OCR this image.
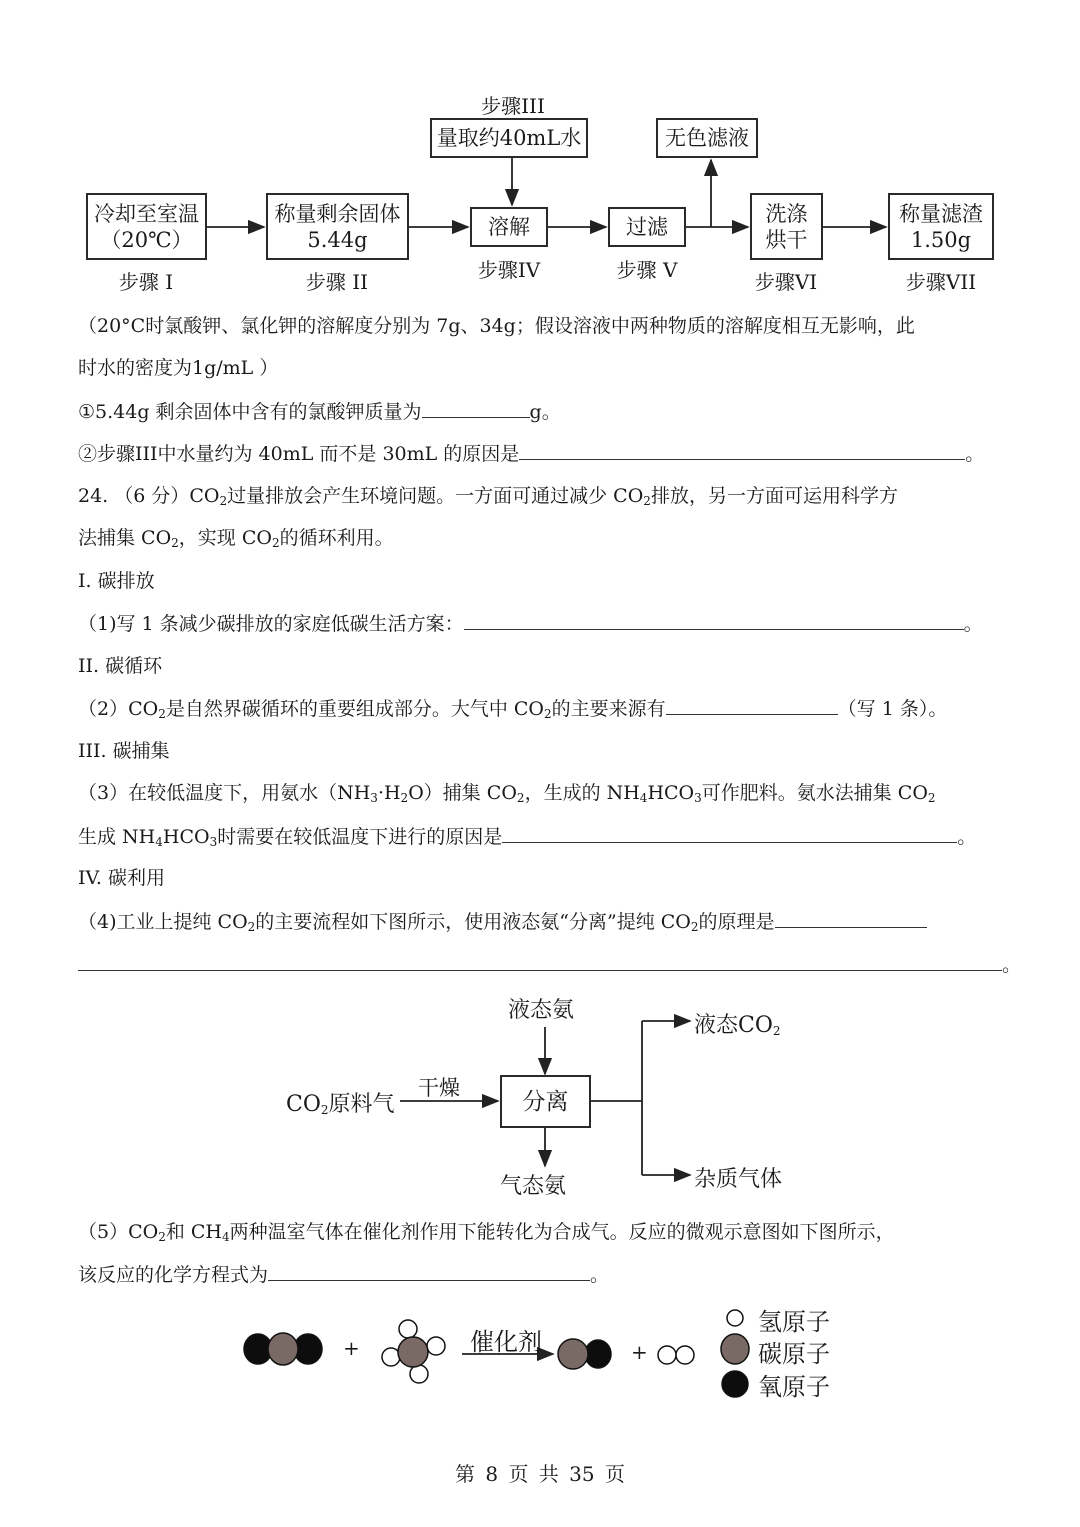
步骤III
量取约40mL水	无色滤液
冷却至室温
（20℃）
步骤 I
称量剩余固体
5.44g
步骤 II
溶解
步骤IV
过滤
步骤 V
洗涤
烘干
步骤VI
称量滤渣
1.50g
步骤VII
（20°C时氯酸钾、氯化钾的溶解度分别为 7g、34g；假设溶液中两种物质的溶解度相互无影响，此
时水的密度为1g/mL ）
①5.44g 剩余固体中含有的氯酸钾质量为	g。
②步骤III中水量约为 40mL 而不是 30mL 的原因是	。
24. （6 分）$CO_2$过量排放会产生环境问题。一方面可通过减少 $CO_2$排放，另一方面可运用科学方
法捕集 $CO_2$，实现 $CO_2$的循环利用。
I. 碳排放
（1)写 1 条减少碳排放的家庭低碳生活方案：	。
II. 碳循环
$(2)CO_2$是自然界碳循环的重要组成部分。大气中 $CO_2$的主要来源有	（写 1 条）。
III. 碳捕集
（3）在较低温度下，用氨水$(NH_3\cdot H_2O)$捕集 $CO_2$，生成的 $NH_4HCO_3$可作肥料。氨水法捕集 $CO_2$
生成 $NH_4HCO_3$时需要在较低温度下进行的原因是	。
IV. 碳利用
（4)工业上提纯 $CO_2$的主要流程如下图所示，使用液态氨“分离”提纯 $CO_2$的原理是
。
液态氨
液态$CO_2$
$CO_2$原料气
干燥
分离
气态氨	杂质气体
$(5)CO_2$和 $CH_4$两种温室气体在催化剂作用下能转化为合成气。反应的微观示意图如下图所示，
该反应的化学方程式为	。
+	催化剂	+
氢原子
碳原子
氧原子
第 8 页 共 35 页
